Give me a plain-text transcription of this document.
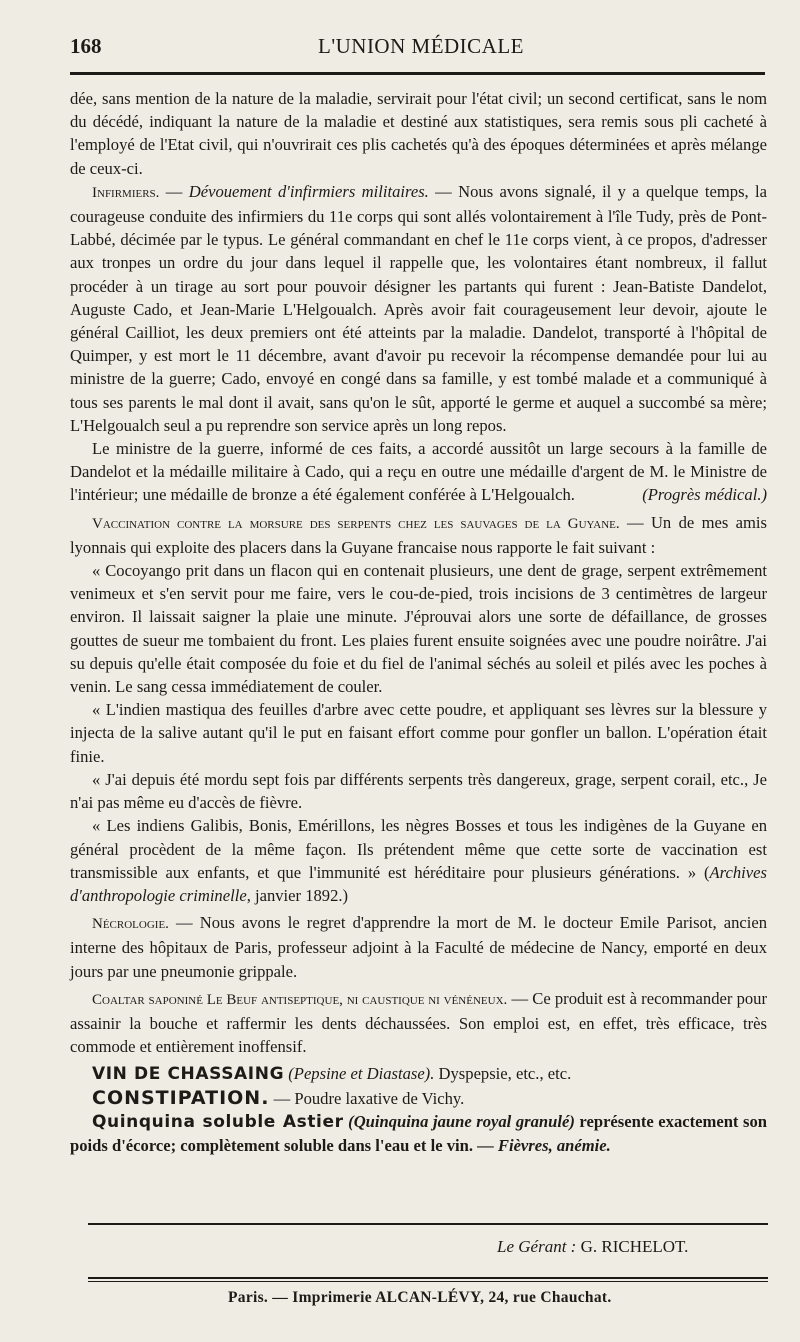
168	L'UNION MÉDICALE

dée, sans mention de la nature de la maladie, servirait pour l'état civil; un second certificat, sans le nom du décédé, indiquant la nature de la maladie et destiné aux statistiques, sera remis sous pli cacheté à l'employé de l'Etat civil, qui n'ouvrirait ces plis cachetés qu'à des époques déterminées et après mélange de ceux-ci.

Infirmiers. — Dévouement d'infirmiers militaires. — Nous avons signalé, il y a quelque temps, la courageuse conduite des infirmiers du 11e corps qui sont allés volontairement à l'île Tudy, près de Pont-Labbé, décimée par le typus. Le général commandant en chef le 11e corps vient, à ce propos, d'adresser aux tronpes un ordre du jour dans lequel il rappelle que, les volontaires étant nombreux, il fallut procéder à un tirage au sort pour pouvoir désigner les partants qui furent : Jean-Batiste Dandelot, Auguste Cado, et Jean-Marie L'Helgoualch. Après avoir fait courageusement leur devoir, ajoute le général Cailliot, les deux premiers ont été atteints par la maladie. Dandelot, transporté à l'hôpital de Quimper, y est mort le 11 décembre, avant d'avoir pu recevoir la récompense demandée pour lui au ministre de la guerre; Cado, envoyé en congé dans sa famille, y est tombé malade et a communiqué à tous ses parents le mal dont il avait, sans qu'on le sût, apporté le germe et auquel a succombé sa mère; L'Helgoualch seul a pu reprendre son service après un long repos.

Le ministre de la guerre, informé de ces faits, a accordé aussitôt un large secours à la famille de Dandelot et la médaille militaire à Cado, qui a reçu en outre une médaille d'argent de M. le Ministre de l'intérieur; une médaille de bronze a été également conférée à L'Helgoualch.	(Progrès médical.)

Vaccination contre la morsure des serpents chez les sauvages de la Guyane. — Un de mes amis lyonnais qui exploite des placers dans la Guyane francaise nous rapporte le fait suivant :

« Cocoyango prit dans un flacon qui en contenait plusieurs, une dent de grage, serpent extrêmement venimeux et s'en servit pour me faire, vers le cou-de-pied, trois incisions de 3 centimètres de largeur environ. Il laissait saigner la plaie une minute. J'éprouvai alors une sorte de défaillance, de grosses gouttes de sueur me tombaient du front. Les plaies furent ensuite soignées avec une poudre noirâtre. J'ai su depuis qu'elle était composée du foie et du fiel de l'animal séchés au soleil et pilés avec les poches à venin. Le sang cessa immédiatement de couler.

« L'indien mastiqua des feuilles d'arbre avec cette poudre, et appliquant ses lèvres sur la blessure y injecta de la salive autant qu'il le put en faisant effort comme pour gonfler un ballon. L'opération était finie.

« J'ai depuis été mordu sept fois par différents serpents très dangereux, grage, serpent corail, etc., Je n'ai pas même eu d'accès de fièvre.

« Les indiens Galibis, Bonis, Emérillons, les nègres Bosses et tous les indigènes de la Guyane en général procèdent de la même façon. Ils prétendent même que cette sorte de vaccination est transmissible aux enfants, et que l'immunité est héréditaire pour plusieurs générations. » (Archives d'anthropologie criminelle, janvier 1892.)

Nécrologie. — Nous avons le regret d'apprendre la mort de M. le docteur Emile Parisot, ancien interne des hôpitaux de Paris, professeur adjoint à la Faculté de médecine de Nancy, emporté en deux jours par une pneumonie grippale.

Coaltar saponiné Le Beuf antiseptique, ni caustique ni vénéneux. — Ce produit est à recommander pour assainir la bouche et raffermir les dents déchaussées. Son emploi est, en effet, très efficace, très commode et entièrement inoffensif.

VIN DE CHASSAING (Pepsine et Diastase). Dyspepsie, etc., etc.

CONSTIPATION. — Poudre laxative de Vichy.

Quinquina soluble Astier (Quinquina jaune royal granulé) représente exactement son poids d'écorce; complètement soluble dans l'eau et le vin. — Fièvres, anémie.

Le Gérant : G. RICHELOT.
Paris. — Imprimerie ALCAN-LÉVY, 24, rue Chauchat.
